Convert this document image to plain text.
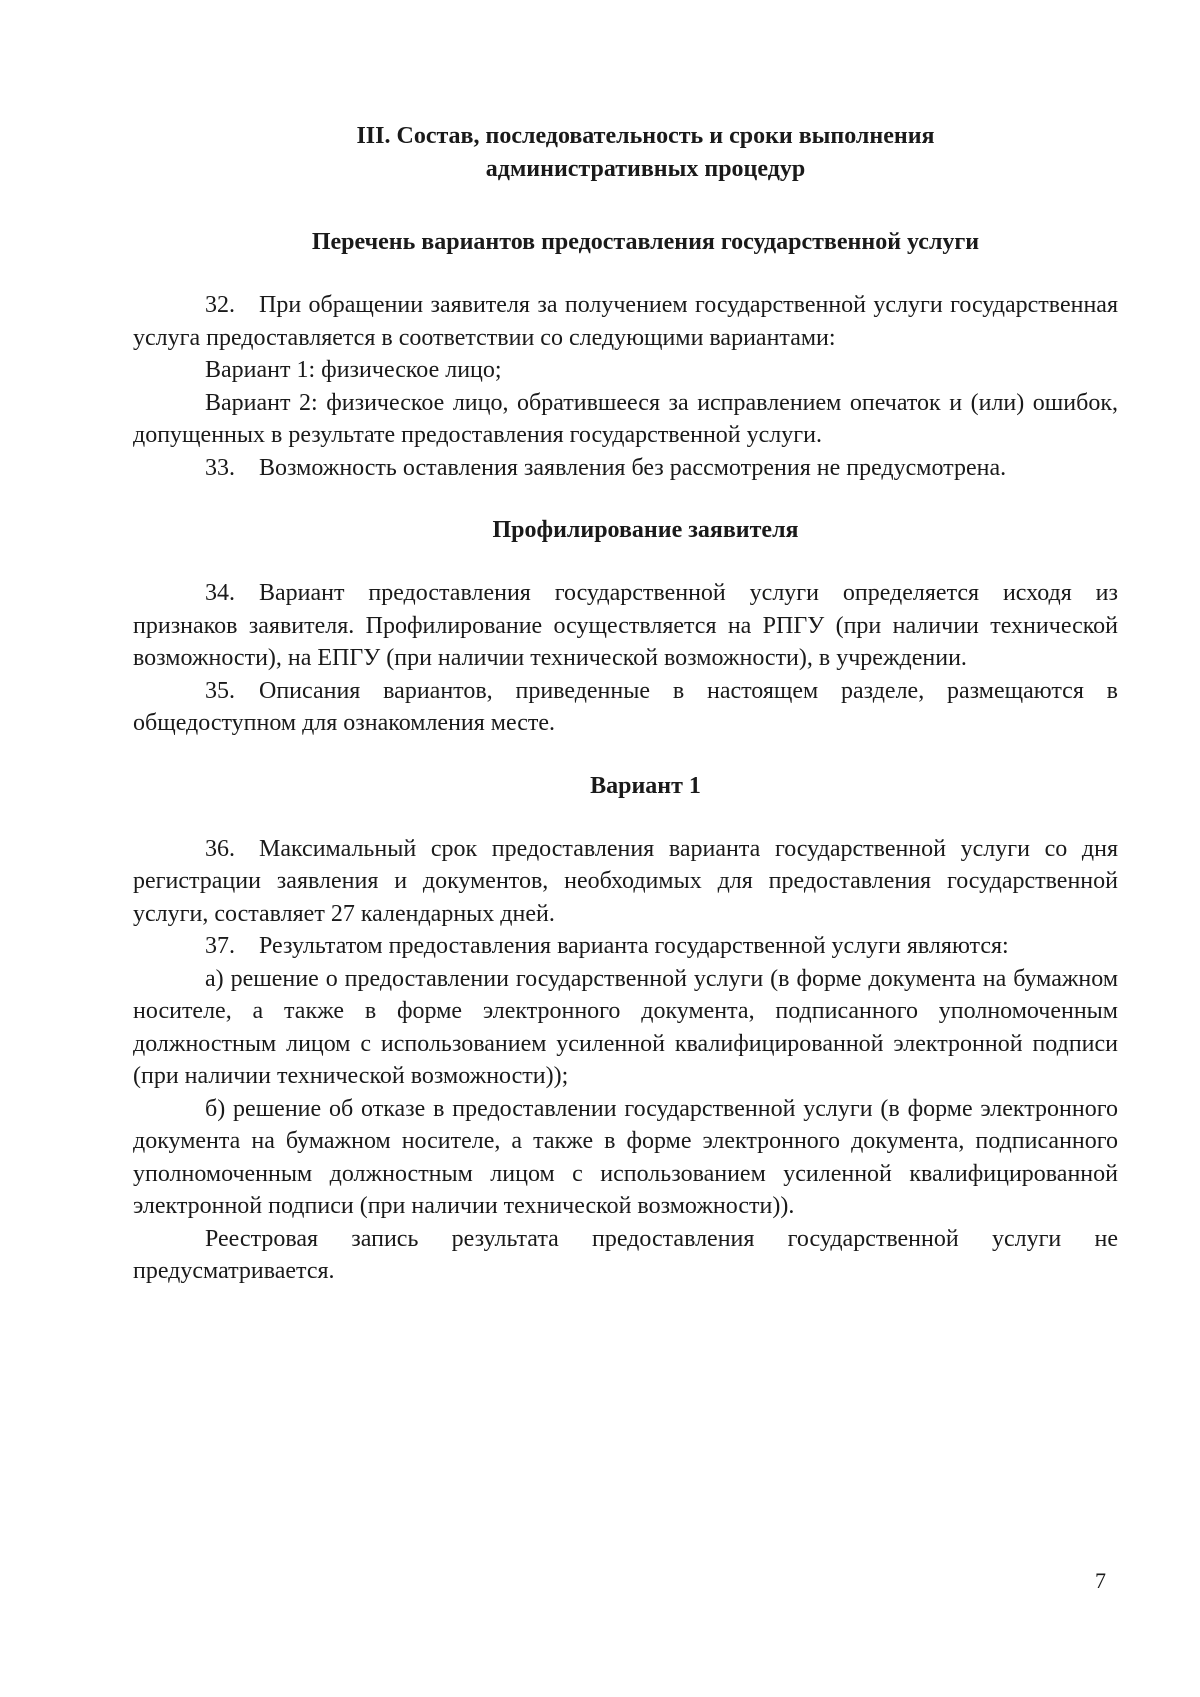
III. Состав, последовательность и сроки выполнения

административных процедур

Перечень вариантов предоставления государственной услуги

32. При обращении заявителя за получением государственной услуги государственная услуга предоставляется в соответствии со следующими вариантами:

Вариант 1: физическое лицо;

Вариант 2: физическое лицо, обратившееся за исправлением опечаток и (или) ошибок, допущенных в результате предоставления государственной услуги.

33. Возможность оставления заявления без рассмотрения не предусмотрена.

Профилирование заявителя

34. Вариант предоставления государственной услуги определяется исходя из признаков заявителя. Профилирование осуществляется на РПГУ (при наличии технической возможности), на ЕПГУ (при наличии технической возможности), в учреждении.

35. Описания вариантов, приведенные в настоящем разделе, размещаются в общедоступном для ознакомления месте.

Вариант 1

36. Максимальный срок предоставления варианта государственной услуги со дня регистрации заявления и документов, необходимых для предоставления государственной услуги, составляет 27 календарных дней.

37. Результатом предоставления варианта государственной услуги являются:

а) решение о предоставлении государственной услуги (в форме документа на бумажном носителе, а также в форме электронного документа, подписанного уполномоченным должностным лицом с использованием усиленной квалифицированной электронной подписи (при наличии технической возможности));

б) решение об отказе в предоставлении государственной услуги (в форме электронного документа на бумажном носителе, а также в форме электронного документа, подписанного уполномоченным должностным лицом с использованием усиленной квалифицированной электронной подписи (при наличии технической возможности)).

Реестровая запись результата предоставления государственной услуги не предусматривается.

7
